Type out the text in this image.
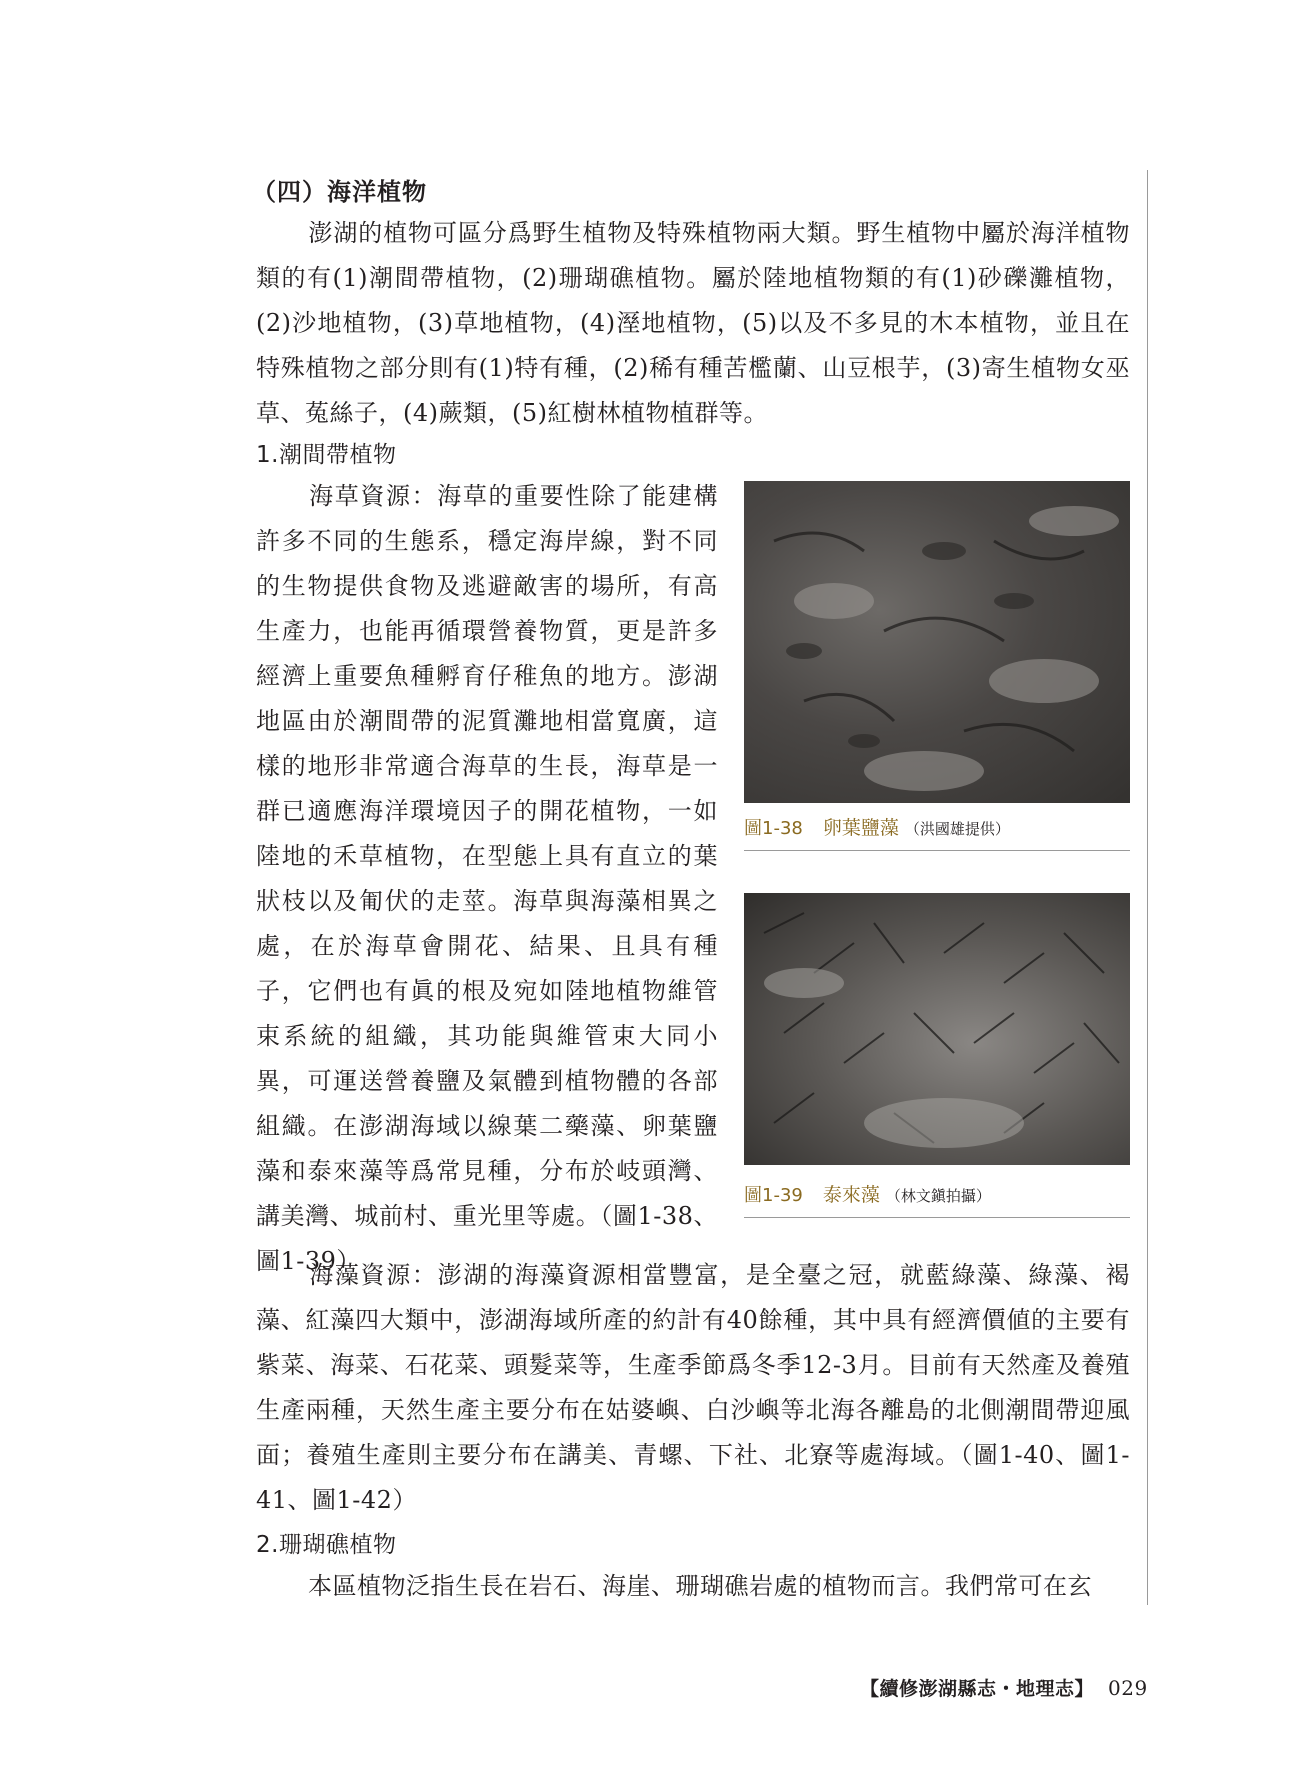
（四）海洋植物
澎湖的植物可區分爲野生植物及特殊植物兩大類。野生植物中屬於海洋植物類的有(1)潮間帶植物，(2)珊瑚礁植物。屬於陸地植物類的有(1)砂礫灘植物，(2)沙地植物，(3)草地植物，(4)溼地植物，(5)以及不多見的木本植物，並且在特殊植物之部分則有(1)特有種，(2)稀有種苦檻蘭、山豆根芋，(3)寄生植物女巫草、菟絲子，(4)蕨類，(5)紅樹林植物植群等。
1.潮間帶植物
海草資源：海草的重要性除了能建構許多不同的生態系，穩定海岸線，對不同的生物提供食物及逃避敵害的場所，有高生產力，也能再循環營養物質，更是許多經濟上重要魚種孵育仔稚魚的地方。澎湖地區由於潮間帶的泥質灘地相當寬廣，這樣的地形非常適合海草的生長，海草是一群已適應海洋環境因子的開花植物，一如陸地的禾草植物，在型態上具有直立的葉狀枝以及匍伏的走莖。海草與海藻相異之處，在於海草會開花、結果、且具有種子，它們也有眞的根及宛如陸地植物維管束系統的組織，其功能與維管束大同小異，可運送營養鹽及氣體到植物體的各部組織。在澎湖海域以線葉二藥藻、卵葉鹽藻和泰來藻等爲常見種，分布於岐頭灣、講美灣、城前村、重光里等處。（圖1-38、圖1-39）
圖1-38 卵葉鹽藻 （洪國雄提供）
圖1-39 泰來藻 （林文鎭拍攝）
海藻資源：澎湖的海藻資源相當豐富，是全臺之冠，就藍綠藻、綠藻、褐藻、紅藻四大類中，澎湖海域所產的約計有40餘種，其中具有經濟價値的主要有紫菜、海菜、石花菜、頭髮菜等，生產季節爲冬季12-3月。目前有天然產及養殖生產兩種，天然生產主要分布在姑婆嶼、白沙嶼等北海各離島的北側潮間帶迎風面；養殖生產則主要分布在講美、青螺、下社、北寮等處海域。（圖1-40、圖1-41、圖1-42）
2.珊瑚礁植物
本區植物泛指生長在岩石、海崖、珊瑚礁岩處的植物而言。我們常可在玄
【續修澎湖縣志・地理志】 029
